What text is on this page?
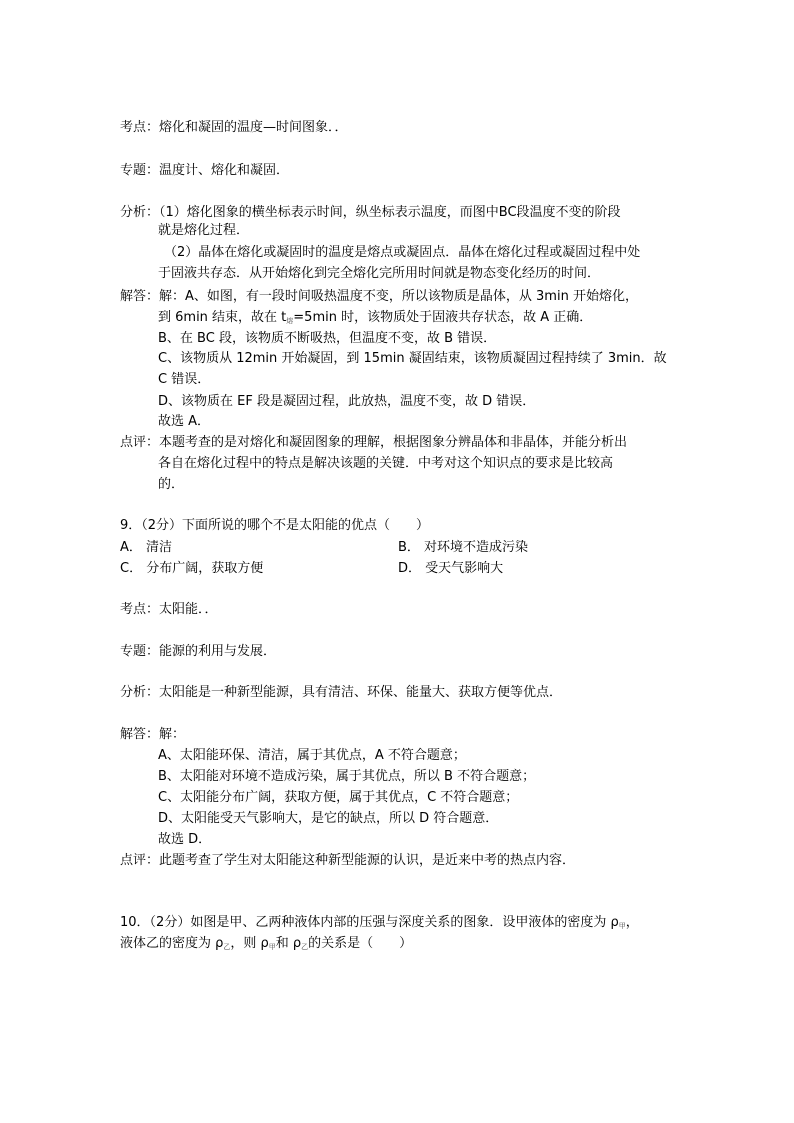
考点：熔化和凝固的温度—时间图象．．
专题：温度计、熔化和凝固．
分析：（1）熔化图象的横坐标表示时间，纵坐标表示温度，而图中BC段温度不变的阶段
就是熔化过程．
（2）晶体在熔化或凝固时的温度是熔点或凝固点．晶体在熔化过程或凝固过程中处
于固液共存态．从开始熔化到完全熔化完所用时间就是物态变化经历的时间．
解答：解：A、如图，有一段时间吸热温度不变，所以该物质是晶体，从 3min 开始熔化，
到 6min 结束，故在 $t_熔=5\min$ 时，该物质处于固液共存状态，故 A 正确．
B、在 BC 段，该物质不断吸热，但温度不变，故 B 错误．
C、该物质从 12min 开始凝固，到 15min 凝固结束，该物质凝固过程持续了 3min．故
C 错误．
D、该物质在 EF 段是凝固过程，此放热，温度不变，故 D 错误．
故选 A．
点评：本题考查的是对熔化和凝固图象的理解，根据图象分辨晶体和非晶体，并能分析出
各自在熔化过程中的特点是解决该题的关键．中考对这个知识点的要求是比较高
的．
9．（2分）下面所说的哪个不是太阳能的优点（　　）
A． 清洁	B． 对环境不造成污染
C． 分布广阔，获取方便	D． 受天气影响大
考点：太阳能．．
专题：能源的利用与发展．
分析：太阳能是一种新型能源，具有清洁、环保、能量大、获取方便等优点．
解答：解：
A、太阳能环保、清洁，属于其优点，A 不符合题意；
B、太阳能对环境不造成污染，属于其优点，所以 B 不符合题意；
C、太阳能分布广阔，获取方便，属于其优点，C 不符合题意；
D、太阳能受天气影响大，是它的缺点，所以 D 符合题意．
故选 D．
点评：此题考查了学生对太阳能这种新型能源的认识，是近来中考的热点内容．
10．（2分）如图是甲、乙两种液体内部的压强与深度关系的图象．设甲液体的密度为 $\rho_甲$，
液体乙的密度为 $\rho_乙$，则 $\rho_甲$和 $\rho_乙$的关系是（　　）
